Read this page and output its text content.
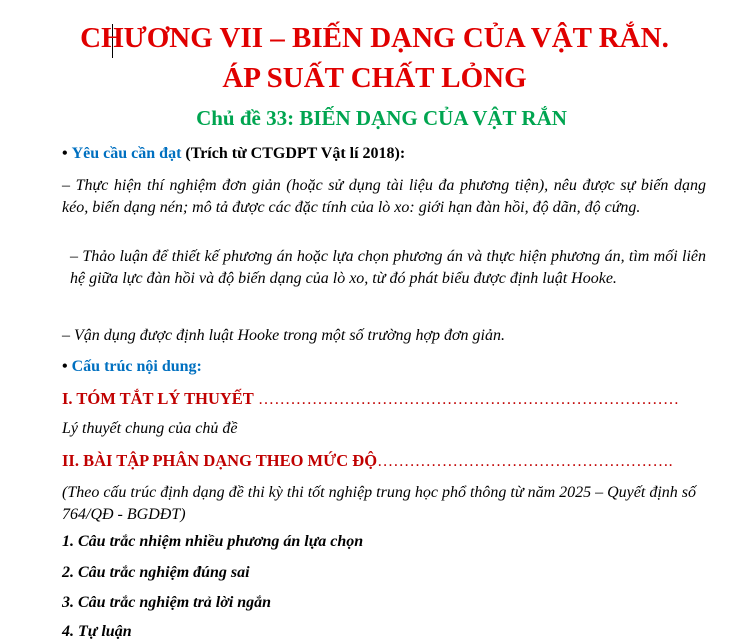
CHƯƠNG VII – BIẾN DẠNG CỦA VẬT RẮN.
ÁP SUẤT CHẤT LỎNG
Chủ đề 33: BIẾN DẠNG CỦA VẬT RẮN
• Yêu cầu cần đạt (Trích từ CTGDPT Vật lí 2018):
– Thực hiện thí nghiệm đơn giản (hoặc sử dụng tài liệu đa phương tiện), nêu được sự biến dạng kéo, biến dạng nén; mô tả được các đặc tính của lò xo: giới hạn đàn hồi, độ dãn, độ cứng.
– Thảo luận để thiết kế phương án hoặc lựa chọn phương án và thực hiện phương án, tìm mối liên hệ giữa lực đàn hồi và độ biến dạng của lò xo, từ đó phát biểu được định luật Hooke.
– Vận dụng được định luật Hooke trong một số trường hợp đơn giản.
• Cấu trúc nội dung:
I. TÓM TẮT LÝ THUYẾT ……………………………………………………………………
Lý thuyết chung của chủ đề
II. BÀI TẬP PHÂN DẠNG THEO MỨC ĐỘ……………………………………………….
(Theo cấu trúc định dạng đề thi kỳ thi tốt nghiệp trung học phổ thông từ năm 2025 – Quyết định số 764/QĐ - BGDĐT)
1. Câu trắc nhiệm nhiều phương án lựa chọn
2. Câu trắc nghiệm đúng sai
3. Câu trắc nghiệm trả lời ngắn
4. Tự luận
